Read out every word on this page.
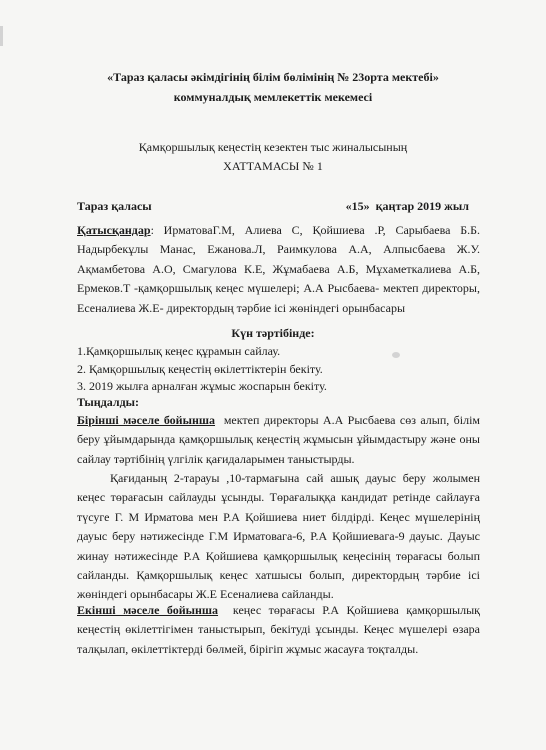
«Тараз қаласы әкімдігінің білім бөлімінің № 23орта мектебі»
коммуналдық мемлекеттік мекемесі
Қамқоршылық кеңестің кезектен тыс жиналысының
ХАТТАМАСЫ № 1
Тараз қаласы	«15»  қаңтар 2019 жыл
Қатысқандар: ИрматоваГ.М, Алиева С, Қойшиева .Р, Сарыбаева Б.Б. Надырбекұлы Манас, Ежанова.Л, Раимкулова А.А, Алпысбаева Ж.У. Ақмамбетова А.О, Смагулова К.Е, Жұмабаева А.Б, Мұхаметкалиева А.Б, Ермеков.Т -қамқоршылық кеңес мүшелері; А.А Рысбаева- мектеп директоры, Есеналиева Ж.Е- директордың тәрбие ісі жөніндегі орынбасары
Күн тәртібінде:
1.Қамқоршылық кеңес құрамын сайлау.
2. Қамқоршылық кеңестің өкілеттіктерін бекіту.
3. 2019 жылға арналған жұмыс жоспарын бекіту.
Тыңдалды:
Бірінші мәселе бойынша  мектеп директоры А.А Рысбаева сөз алып, білім беру ұйымдарында қамқоршылық кеңестің жұмысын ұйымдастыру және оны сайлау тәртібінің үлгілік қағидаларымен таныстырды.
Қағиданың 2-тарауы ,10-тармағына сай ашық дауыс беру жолымен кеңес төрағасын сайлауды ұсынды. Төрағалыққа кандидат ретінде сайлауға түсуге Г. М Ирматова мен Р.А Қойшиева ниет білдірді. Кеңес мүшелерінің дауыс беру нәтижесінде Г.М Ирматовага-6, Р.А Қойшиевага-9 дауыс. Дауыс жинау нәтижесінде Р.А Қойшиева қамқоршылық кеңесінің төрағасы болып сайланды. Қамқоршылық кеңес хатшысы болып, директордың тәрбие ісі жөніндегі орынбасары Ж.Е Есеналиева сайланды.
Екінші мәселе бойынша  кеңес төрағасы Р.А Қойшиева қамқоршылық кеңестің өкілеттігімен таныстырып, бекітуді ұсынды. Кеңес мүшелері өзара талқылап, өкілеттіктерді бөлмей, бірігіп жұмыс жасауға тоқталды.
